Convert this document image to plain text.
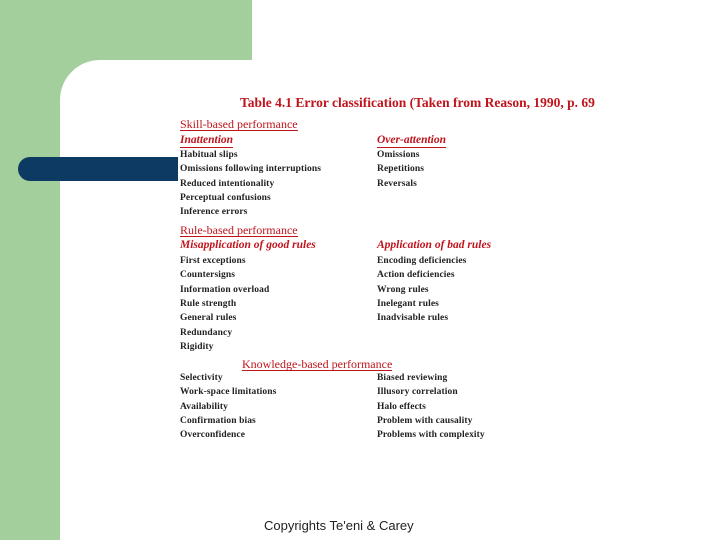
Table 4.1 Error classification (Taken from Reason, 1990, p. 69
Skill-based performance
Inattention	Over-attention
Habitual slips
Omissions following interruptions
Reduced intentionality
Perceptual confusions
Inference errors
Omissions
Repetitions
Reversals
Rule-based performance
Misapplication of good rules	Application of bad rules
First exceptions
Countersigns
Information overload
Rule strength
General rules
Redundancy
Rigidity
Encoding deficiencies
Action deficiencies
Wrong rules
Inelegant rules
Inadvisable rules
Knowledge-based performance
Selectivity
Work-space limitations
Availability
Confirmation bias
Overconfidence
Biased reviewing
Illusory correlation
Halo effects
Problem with causality
Problems with complexity
Copyrights Te'eni & Carey
